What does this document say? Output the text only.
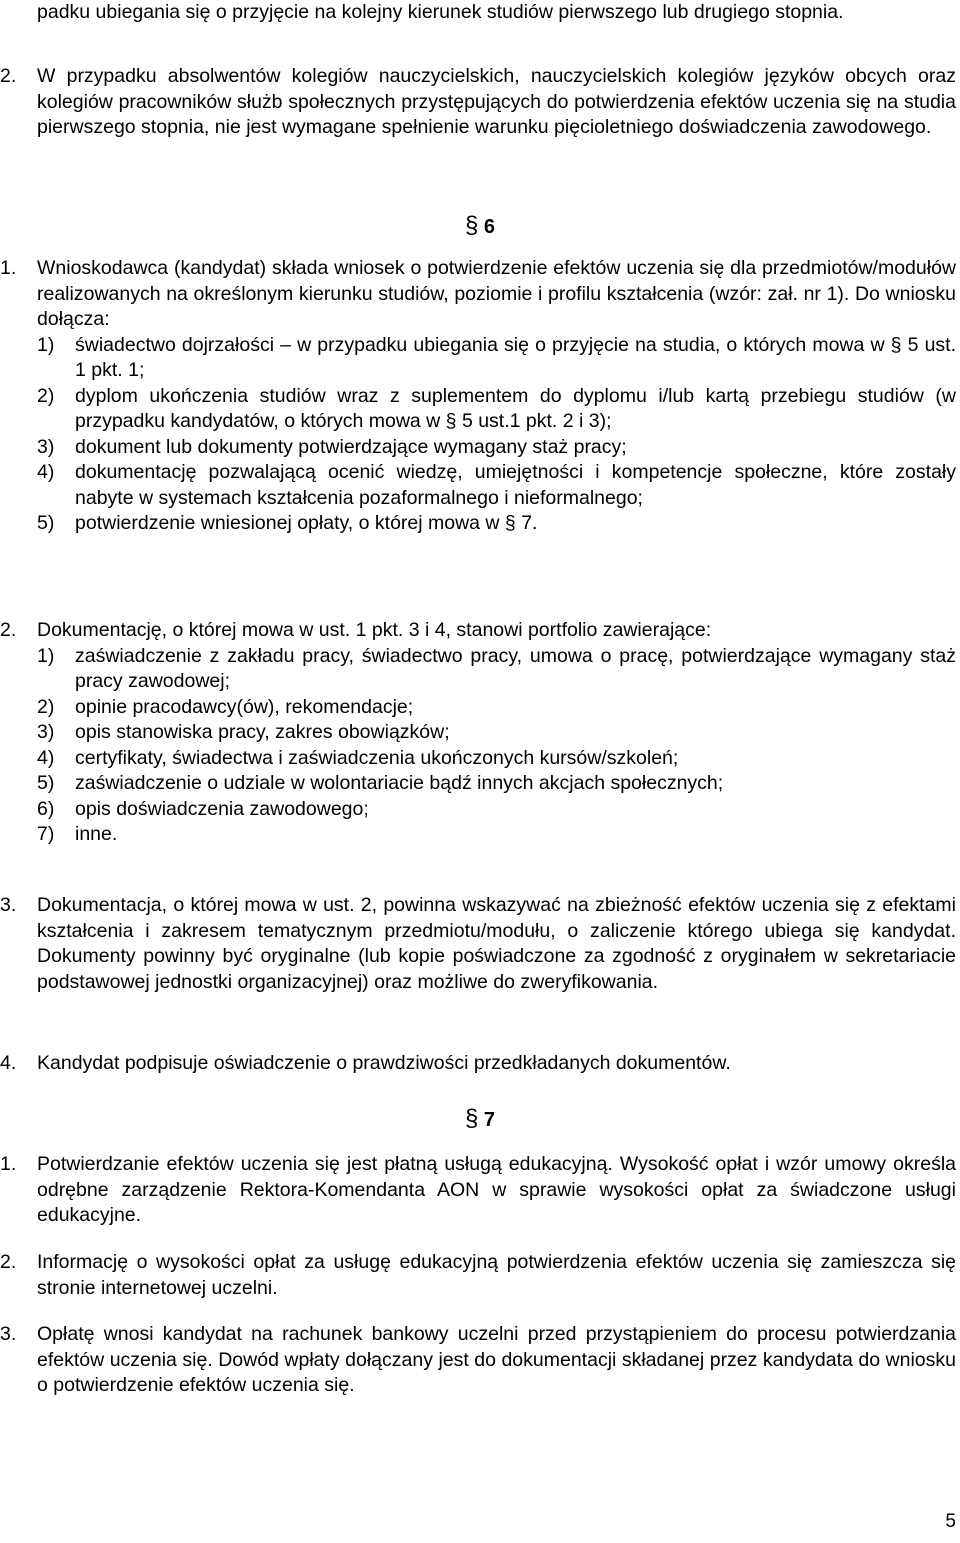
padku ubiegania się o przyjęcie na kolejny kierunek studiów pierwszego lub drugiego stopnia.
2. W przypadku absolwentów kolegiów nauczycielskich, nauczycielskich kolegiów języków obcych oraz kolegiów pracowników służb społecznych przystępujących do potwierdzenia efektów uczenia się na studia pierwszego stopnia, nie jest wymagane spełnienie warunku pięcioletniego doświadczenia zawodowego.
§ 6
1. Wnioskodawca (kandydat) składa wniosek o potwierdzenie efektów uczenia się dla przedmiotów/modułów realizowanych na określonym kierunku studiów, poziomie i profilu kształcenia (wzór: zał. nr 1). Do wniosku dołącza:
1) świadectwo dojrzałości – w przypadku ubiegania się o przyjęcie na studia, o których mowa w § 5 ust. 1 pkt. 1;
2) dyplom ukończenia studiów wraz z suplementem do dyplomu i/lub kartą przebiegu studiów (w przypadku kandydatów, o których mowa w § 5 ust.1 pkt. 2 i 3);
3) dokument lub dokumenty potwierdzające wymagany staż pracy;
4) dokumentację pozwalającą ocenić wiedzę, umiejętności i kompetencje społeczne, które zostały nabyte w systemach kształcenia pozaformalnego i nieformalnego;
5) potwierdzenie wniesionej opłaty, o której mowa w § 7.
2. Dokumentację, o której mowa w ust. 1 pkt. 3 i 4, stanowi portfolio zawierające:
1) zaświadczenie z zakładu pracy, świadectwo pracy, umowa o pracę, potwierdzające wymagany staż pracy zawodowej;
2) opinie pracodawcy(ów), rekomendacje;
3) opis stanowiska pracy, zakres obowiązków;
4) certyfikaty, świadectwa i zaświadczenia ukończonych kursów/szkoleń;
5) zaświadczenie o udziale w wolontariacie bądź innych akcjach społecznych;
6) opis doświadczenia zawodowego;
7) inne.
3. Dokumentacja, o której mowa w ust. 2, powinna wskazywać na zbieżność efektów uczenia się z efektami kształcenia i zakresem tematycznym przedmiotu/modułu, o zaliczenie którego ubiega się kandydat. Dokumenty powinny być oryginalne (lub kopie poświadczone za zgodność z oryginałem w sekretariacie podstawowej jednostki organizacyjnej) oraz możliwe do zweryfikowania.
4. Kandydat podpisuje oświadczenie o prawdziwości przedkładanych dokumentów.
§ 7
1. Potwierdzanie efektów uczenia się jest płatną usługą edukacyjną. Wysokość opłat i wzór umowy określa odrębne zarządzenie Rektora-Komendanta AON w sprawie wysokości opłat za świadczone usługi edukacyjne.
2. Informację o wysokości opłat za usługę edukacyjną potwierdzenia efektów uczenia się zamieszcza się stronie internetowej uczelni.
3. Opłatę wnosi kandydat na rachunek bankowy uczelni przed przystąpieniem do procesu potwierdzania efektów uczenia się. Dowód wpłaty dołączany jest do dokumentacji składanej przez kandydata do wniosku o potwierdzenie efektów uczenia się.
5
